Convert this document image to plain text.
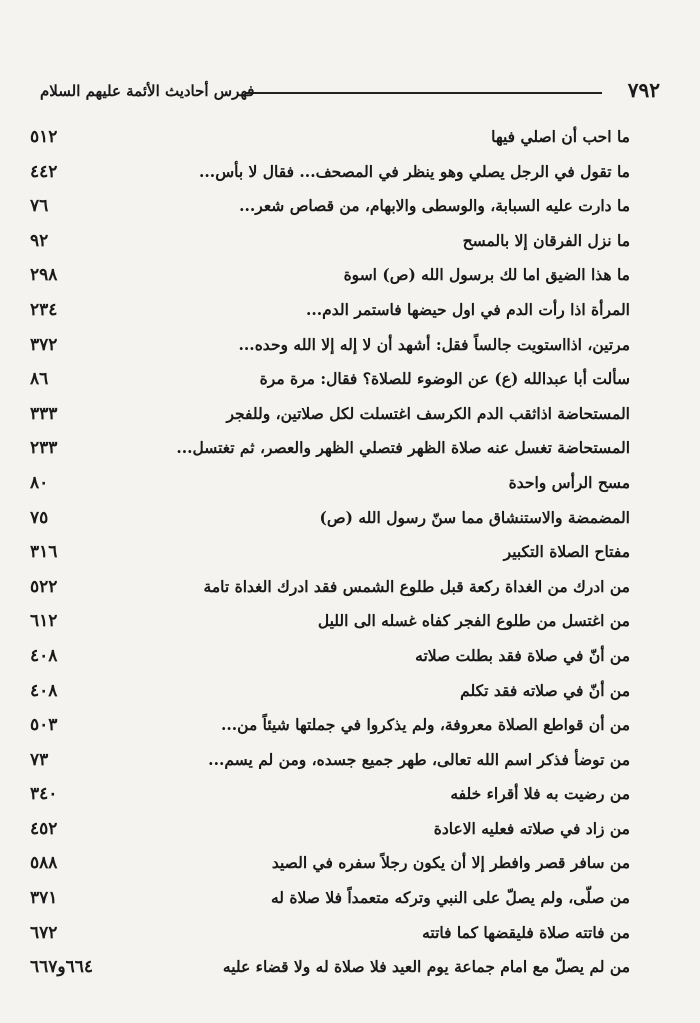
٧٩٢
فهرس أحاديث الأئمة عليهم السلام
ما احب أن اصلي فيها
٥١٢
ما تقول في الرجل يصلي وهو ينظر في المصحف... فقال لا بأس...
٤٤٢
ما دارت عليه السبابة، والوسطى والابهام، من قصاص شعر...
٧٦
ما نزل الفرقان إلا بالمسح
٩٢
ما هذا الضيق اما لك برسول الله (ص) اسوة
٢٩٨
المرأة اذا رأت الدم في اول حيضها فاستمر الدم...
٢٣٤
مرتين، اذااستويت جالساً فقل: أشهد أن لا إله إلا الله وحده...
٣٧٢
سألت أبا عبدالله (ع) عن الوضوء للصلاة؟ فقال: مرة مرة
٨٦
المستحاضة اذاثقب الدم الكرسف اغتسلت لكل صلاتين، وللفجر
٣٣٣
المستحاضة تغسل عنه صلاة الظهر فتصلي الظهر والعصر، ثم تغتسل...
٢٣٣
مسح الرأس واحدة
٨٠
المضمضة والاستنشاق مما سنّ رسول الله (ص)
٧٥
مفتاح الصلاة التكبير
٣١٦
من ادرك من الغداة ركعة قبل طلوع الشمس فقد ادرك الغداة تامة
٥٢٢
من اغتسل من طلوع الفجر كفاه غسله الى الليل
٦١٢
من أنّ في صلاة فقد بطلت صلاته
٤٠٨
من أنّ في صلاته فقد تكلم
٤٠٨
من أن قواطع الصلاة معروفة، ولم يذكروا في جملتها شيئاً من...
٥٠٣
من توضأ فذكر اسم الله تعالى، طهر جميع جسده، ومن لم يسم...
٧٣
من رضيت به فلا أقراء خلفه
٣٤٠
من زاد في صلاته فعليه الاعادة
٤٥٢
من سافر قصر وافطر إلا أن يكون رجلاً سفره في الصيد
٥٨٨
من صلّى، ولم يصلّ على النبي وتركه متعمداً فلا صلاة له
٣٧١
من فاتته صلاة فليقضها كما فاتته
٦٧٢
من لم يصلّ مع امام جماعة يوم العيد فلا صلاة له ولا قضاء عليه
٦٦٤و٦٦٧
